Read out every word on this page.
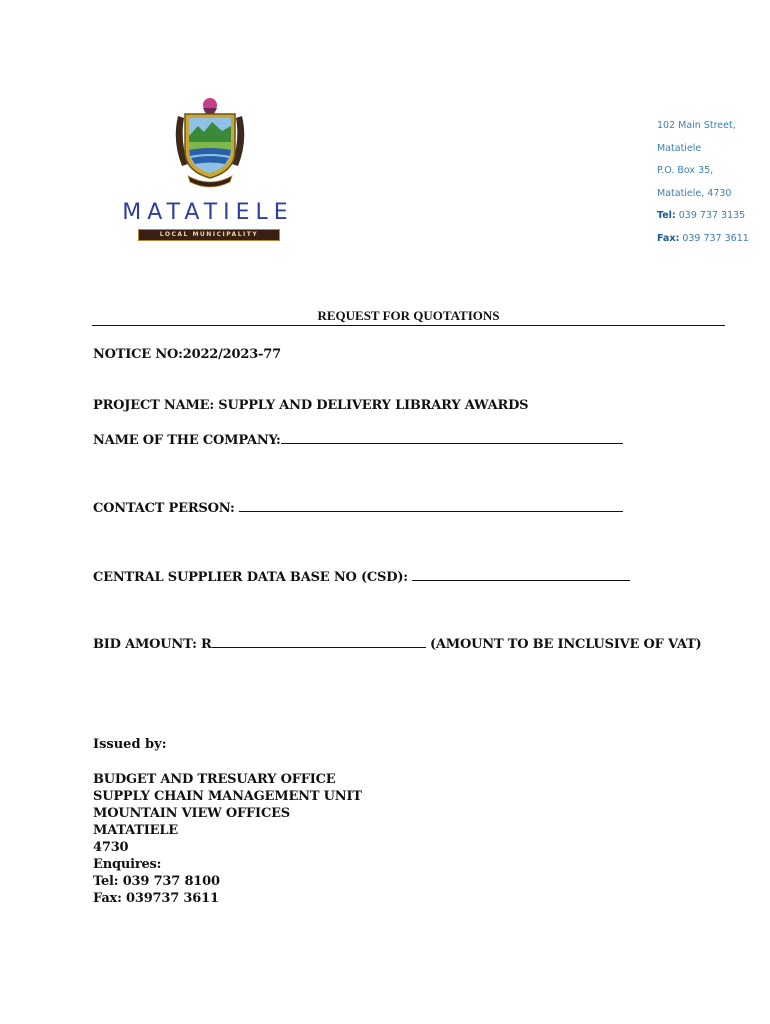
MATATIELE
LOCAL MUNICIPALITY
102 Main Street,
Matatiele
P.O. Box 35,
Matatiele, 4730
Tel: 039 737 3135
Fax: 039 737 3611
REQUEST FOR QUOTATIONS
NOTICE NO:2022/2023-77
PROJECT NAME: SUPPLY AND DELIVERY LIBRARY AWARDS
NAME OF THE COMPANY:
CONTACT PERSON:
CENTRAL SUPPLIER DATA BASE NO (CSD):
BID AMOUNT: R	(AMOUNT TO BE INCLUSIVE OF VAT)
Issued by:
BUDGET AND TRESUARY OFFICE
SUPPLY CHAIN MANAGEMENT UNIT
MOUNTAIN VIEW OFFICES
MATATIELE
4730
Enquires:
Tel: 039 737 8100
Fax: 039737 3611
